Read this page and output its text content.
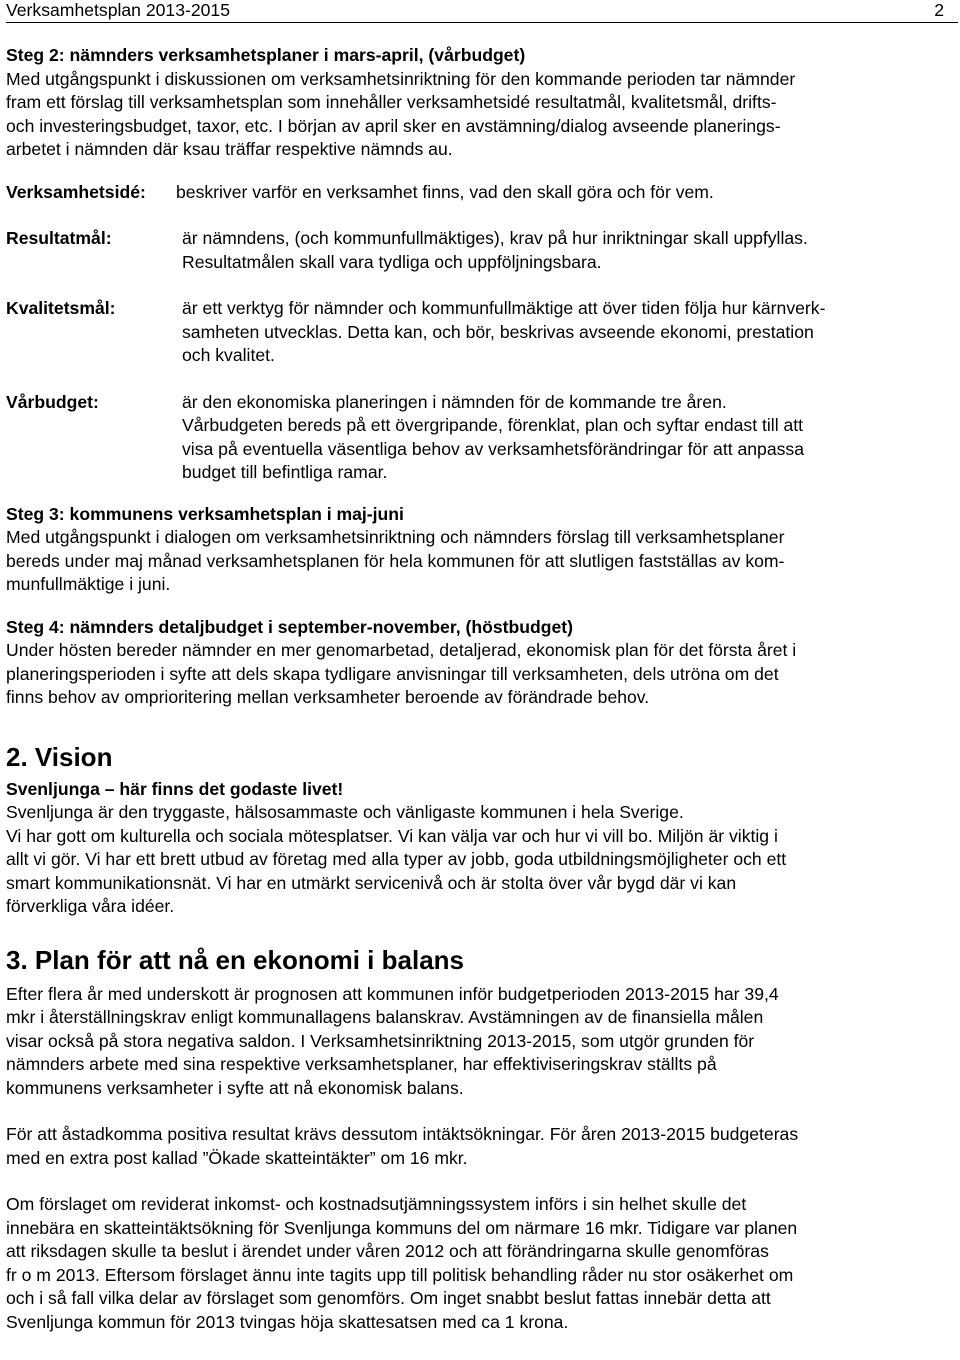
Verksamhetsplan 2013-2015	2

Steg 2: nämnders verksamhetsplaner i mars-april, (vårbudget)

Med utgångspunkt i diskussionen om verksamhetsinriktning för den kommande perioden tar nämnder

fram ett förslag till verksamhetsplan som innehåller verksamhetsidé resultatmål, kvalitetsmål, drifts-

och investeringsbudget, taxor, etc. I början av april sker en avstämning/dialog avseende planerings-

arbetet i nämnden där ksau träffar respektive nämnds au.

Verksamhetsidé:	beskriver varför en verksamhet finns, vad den skall göra och för vem.

Resultatmål:	är nämndens, (och kommunfullmäktiges), krav på hur inriktningar skall uppfyllas.

Resultatmålen skall vara tydliga och uppföljningsbara.

Kvalitetsmål:	är ett verktyg för nämnder och kommunfullmäktige att över tiden följa hur kärnverk-

samheten utvecklas. Detta kan, och bör, beskrivas avseende ekonomi, prestation

och kvalitet.

Vårbudget:	är den ekonomiska planeringen i nämnden för de kommande tre åren.

Vårbudgeten bereds på ett övergripande, förenklat, plan och syftar endast till att

visa på eventuella väsentliga behov av verksamhetsförändringar för att anpassa

budget till befintliga ramar.

Steg 3: kommunens verksamhetsplan i maj-juni

Med utgångspunkt i dialogen om verksamhetsinriktning och nämnders förslag till verksamhetsplaner

bereds under maj månad verksamhetsplanen för hela kommunen för att slutligen fastställas av kom-

munfullmäktige i juni.

Steg 4: nämnders detaljbudget i september-november, (höstbudget)

Under hösten bereder nämnder en mer genomarbetad, detaljerad, ekonomisk plan för det första året i

planeringsperioden i syfte att dels skapa tydligare anvisningar till verksamheten, dels utröna om det

finns behov av omprioritering mellan verksamheter beroende av förändrade behov.

2. Vision

Svenljunga – här finns det godaste livet!

Svenljunga är den tryggaste, hälsosammaste och vänligaste kommunen i hela Sverige.

Vi har gott om kulturella och sociala mötesplatser. Vi kan välja var och hur vi vill bo. Miljön är viktig i

allt vi gör. Vi har ett brett utbud av företag med alla typer av jobb, goda utbildningsmöjligheter och ett

smart kommunikationsnät. Vi har en utmärkt servicenivå och är stolta över vår bygd där vi kan

förverkliga våra idéer.

3. Plan för att nå en ekonomi i balans

Efter flera år med underskott är prognosen att kommunen inför budgetperioden 2013-2015 har 39,4

mkr i återställningskrav enligt kommunallagens balanskrav. Avstämningen av de finansiella målen

visar också på stora negativa saldon. I Verksamhetsinriktning 2013-2015, som utgör grunden för

nämnders arbete med sina respektive verksamhetsplaner, har effektiviseringskrav ställts på

kommunens verksamheter i syfte att nå ekonomisk balans.

För att åstadkomma positiva resultat krävs dessutom intäktsökningar. För åren 2013-2015 budgeteras

med en extra post kallad ”Ökade skatteintäkter” om 16 mkr.

Om förslaget om reviderat inkomst- och kostnadsutjämningssystem införs i sin helhet skulle det

innebära en skatteintäktsökning för Svenljunga kommuns del om närmare 16 mkr. Tidigare var planen

att riksdagen skulle ta beslut i ärendet under våren 2012 och att förändringarna skulle genomföras

fr o m 2013. Eftersom förslaget ännu inte tagits upp till politisk behandling råder nu stor osäkerhet om

och i så fall vilka delar av förslaget som genomförs. Om inget snabbt beslut fattas innebär detta att

Svenljunga kommun för 2013 tvingas höja skattesatsen med ca 1 krona.
